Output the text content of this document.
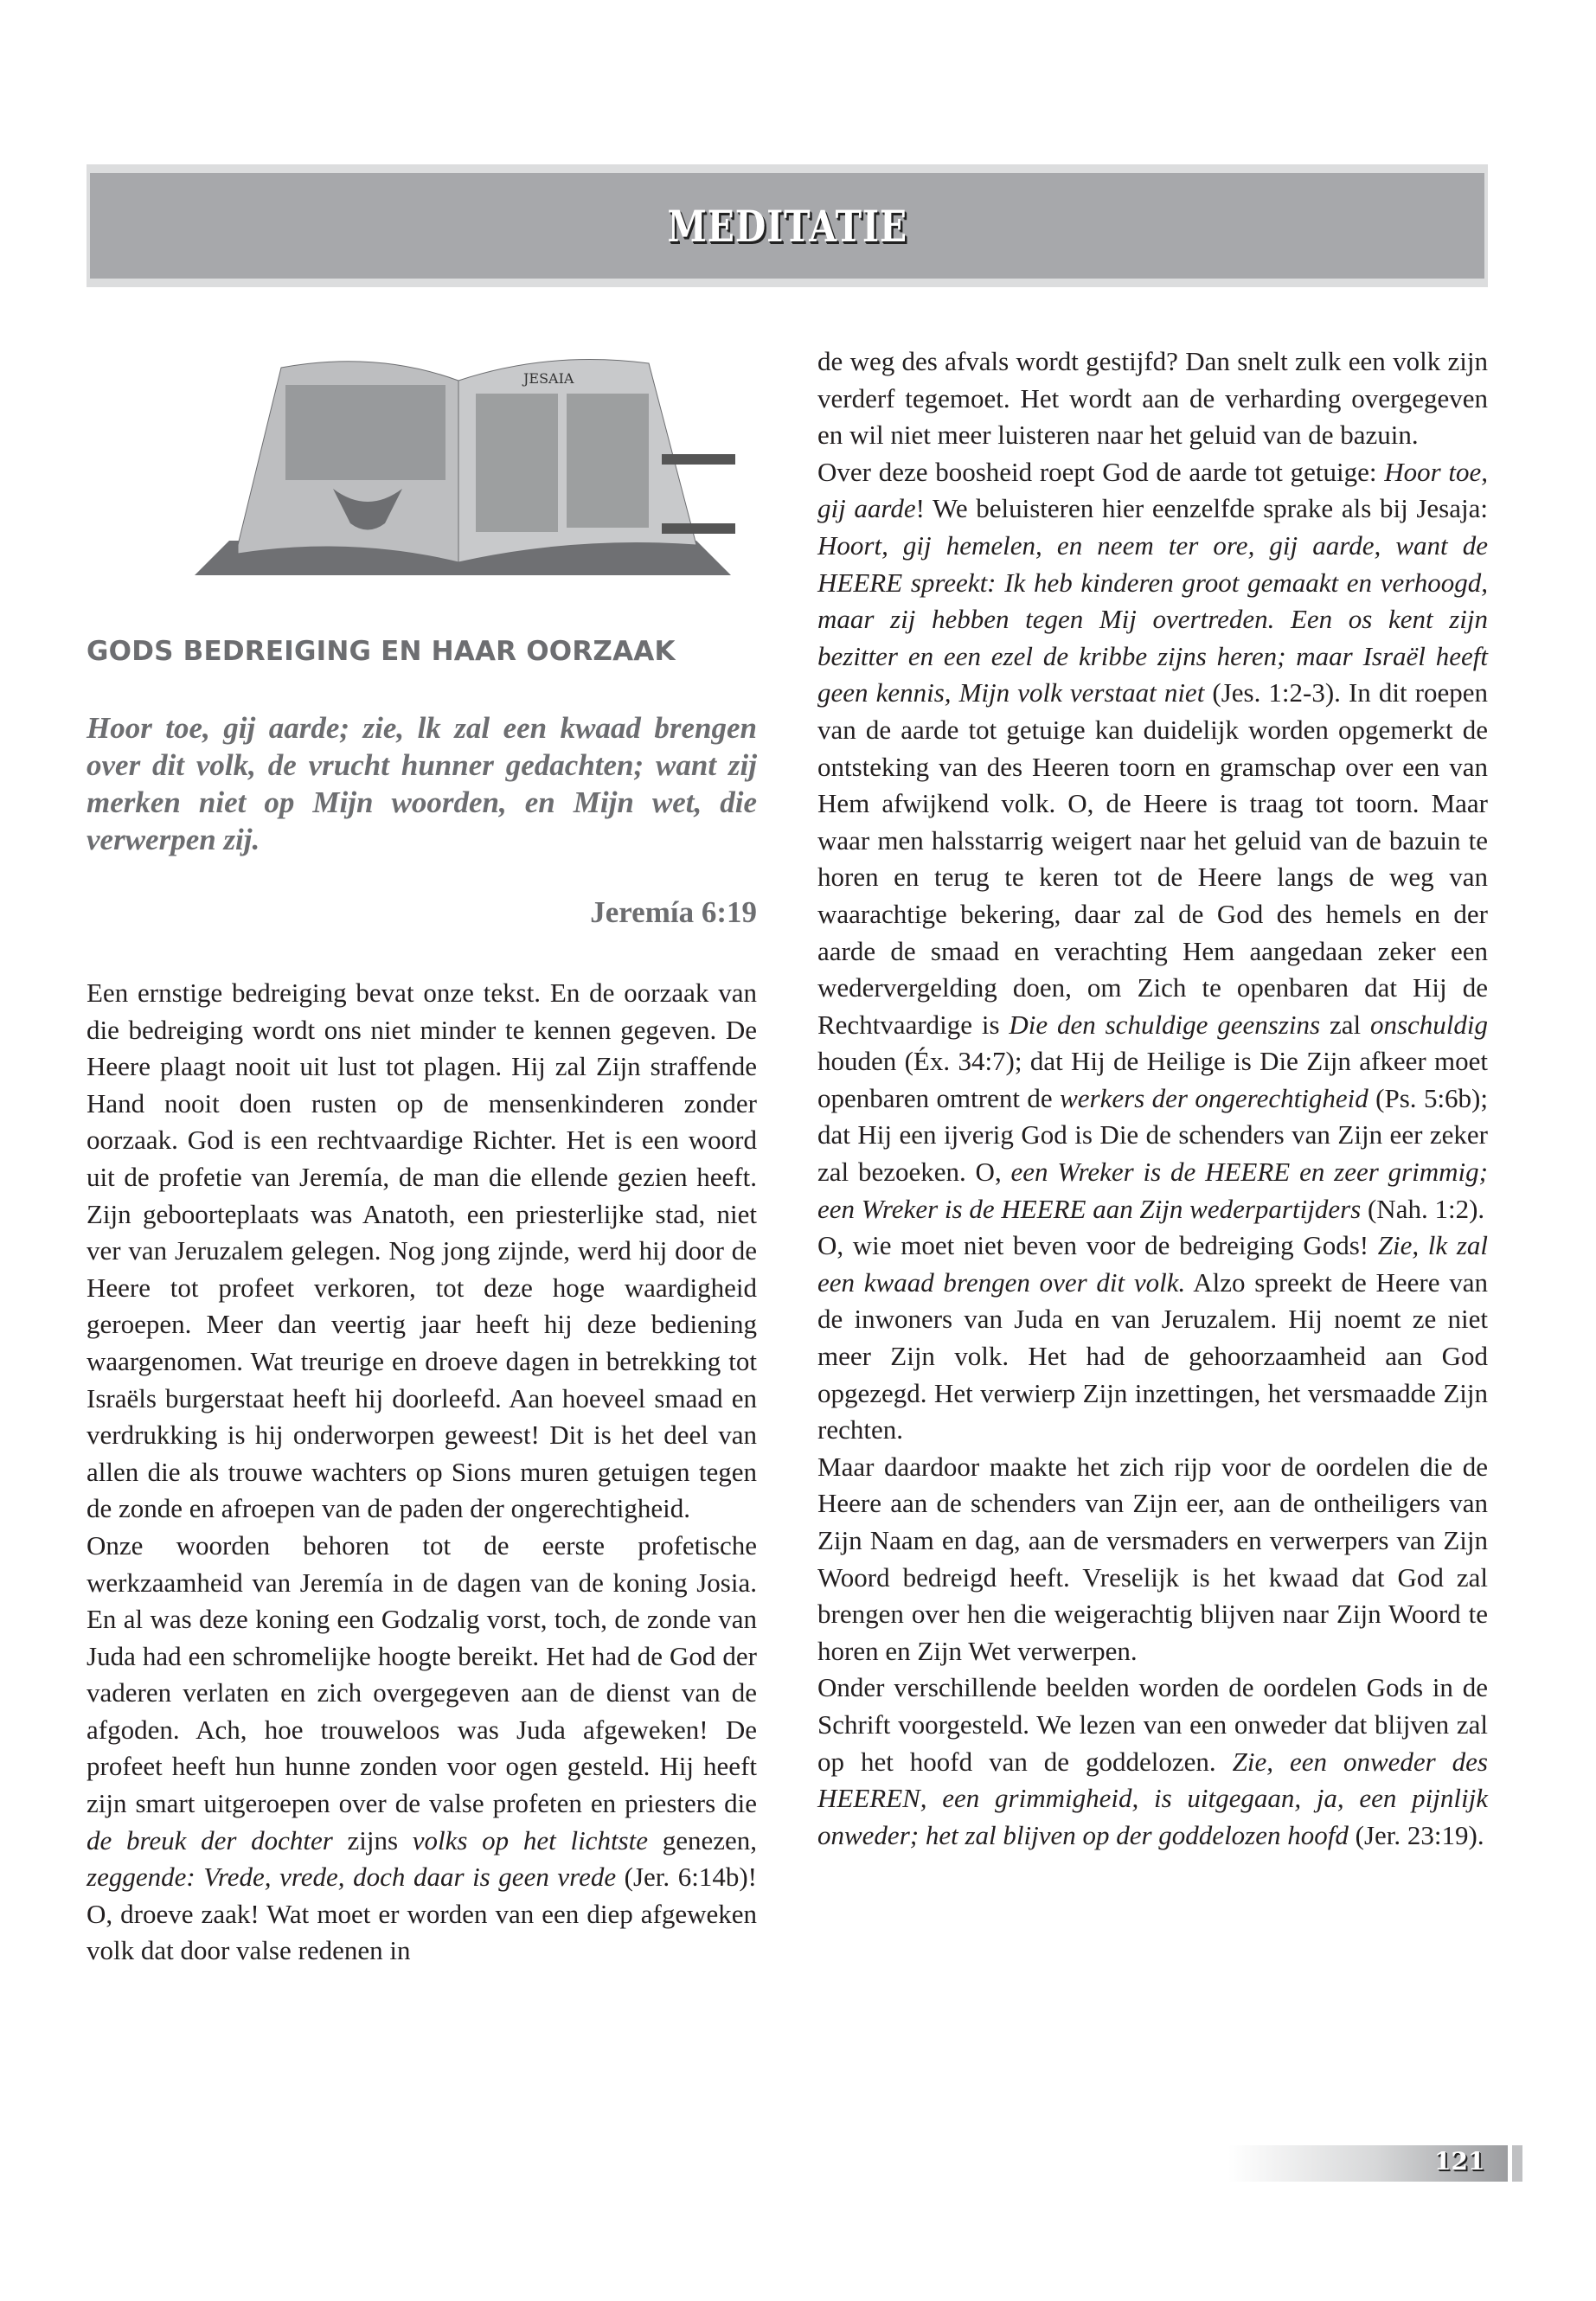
MEDITATIE
JESAIA
GODS BEDREIGING EN HAAR OORZAAK
Hoor toe, gij aarde; zie, lk zal een kwaad brengen over dit volk, de vrucht hunner gedachten; want zij merken niet op Mijn woorden, en Mijn wet, die verwerpen zij.
Jeremía 6:19

Een ernstige bedreiging bevat onze tekst. En de oorzaak van die bedreiging wordt ons niet minder te kennen gegeven. De Heere plaagt nooit uit lust tot plagen. Hij zal Zijn straffende Hand nooit doen rusten op de mensenkinderen zonder oorzaak. God is een rechtvaardige Richter. Het is een woord uit de profetie van Jeremía, de man die ellende gezien heeft. Zijn geboorteplaats was Anatoth, een priesterlijke stad, niet ver van Jeruzalem gelegen. Nog jong zijnde, werd hij door de Heere tot profeet verkoren, tot deze hoge waardigheid geroepen. Meer dan veertig jaar heeft hij deze bediening waargenomen. Wat treurige en droeve dagen in betrekking tot Israëls burgerstaat heeft hij doorleefd. Aan hoeveel smaad en verdrukking is hij onderworpen geweest! Dit is het deel van allen die als trouwe wachters op Sions muren getuigen tegen de zonde en afroepen van de paden der ongerechtigheid.

Onze woorden behoren tot de eerste profetische werkzaamheid van Jeremía in de dagen van de koning Josia. En al was deze koning een Godzalig vorst, toch, de zonde van Juda had een schromelijke hoogte bereikt. Het had de God der vaderen verlaten en zich overgegeven aan de dienst van de afgoden. Ach, hoe trouweloos was Juda afgeweken! De profeet heeft hun hunne zonden voor ogen gesteld. Hij heeft zijn smart uitgeroepen over de valse profeten en priesters die de breuk der dochter zijns volks op het lichtste genezen, zeggende: Vrede, vrede, doch daar is geen vrede (Jer. 6:14b)! O, droeve zaak! Wat moet er worden van een diep afgeweken volk dat door valse redenen in

de weg des afvals wordt gestijfd? Dan snelt zulk een volk zijn verderf tegemoet. Het wordt aan de verharding overgegeven en wil niet meer luisteren naar het geluid van de bazuin.

Over deze boosheid roept God de aarde tot getuige: Hoor toe, gij aarde! We beluisteren hier eenzelfde sprake als bij Jesaja: Hoort, gij hemelen, en neem ter ore, gij aarde, want de HEERE spreekt: Ik heb kinderen groot gemaakt en verhoogd, maar zij hebben tegen Mij overtreden. Een os kent zijn bezitter en een ezel de kribbe zijns heren; maar Israël heeft geen kennis, Mijn volk verstaat niet (Jes. 1:2-3). In dit roepen van de aarde tot getuige kan duidelijk worden opgemerkt de ontsteking van des Heeren toorn en gramschap over een van Hem afwijkend volk. O, de Heere is traag tot toorn. Maar waar men halsstarrig weigert naar het geluid van de bazuin te horen en terug te keren tot de Heere langs de weg van waarachtige bekering, daar zal de God des hemels en der aarde de smaad en verachting Hem aangedaan zeker een wedervergelding doen, om Zich te openbaren dat Hij de Rechtvaardige is Die den schuldige geenszins zal onschuldig houden (Éx. 34:7); dat Hij de Heilige is Die Zijn afkeer moet openbaren omtrent de werkers der ongerechtigheid (Ps. 5:6b); dat Hij een ijverig God is Die de schenders van Zijn eer zeker zal bezoeken. O, een Wreker is de HEERE en zeer grimmig; een Wreker is de HEERE aan Zijn wederpartijders (Nah. 1:2).

O, wie moet niet beven voor de bedreiging Gods! Zie, lk zal een kwaad brengen over dit volk. Alzo spreekt de Heere van de inwoners van Juda en van Jeruzalem. Hij noemt ze niet meer Zijn volk. Het had de gehoorzaamheid aan God opgezegd. Het verwierp Zijn inzettingen, het versmaadde Zijn rechten.

Maar daardoor maakte het zich rijp voor de oordelen die de Heere aan de schenders van Zijn eer, aan de ontheiligers van Zijn Naam en dag, aan de versmaders en verwerpers van Zijn Woord bedreigd heeft. Vreselijk is het kwaad dat God zal brengen over hen die weigerachtig blijven naar Zijn Woord te horen en Zijn Wet verwerpen.

Onder verschillende beelden worden de oordelen Gods in de Schrift voorgesteld. We lezen van een onweder dat blijven zal op het hoofd van de goddelozen. Zie, een onweder des HEEREN, een grimmigheid, is uitgegaan, ja, een pijnlijk onweder; het zal blijven op der goddelozen hoofd (Jer. 23:19).

121
